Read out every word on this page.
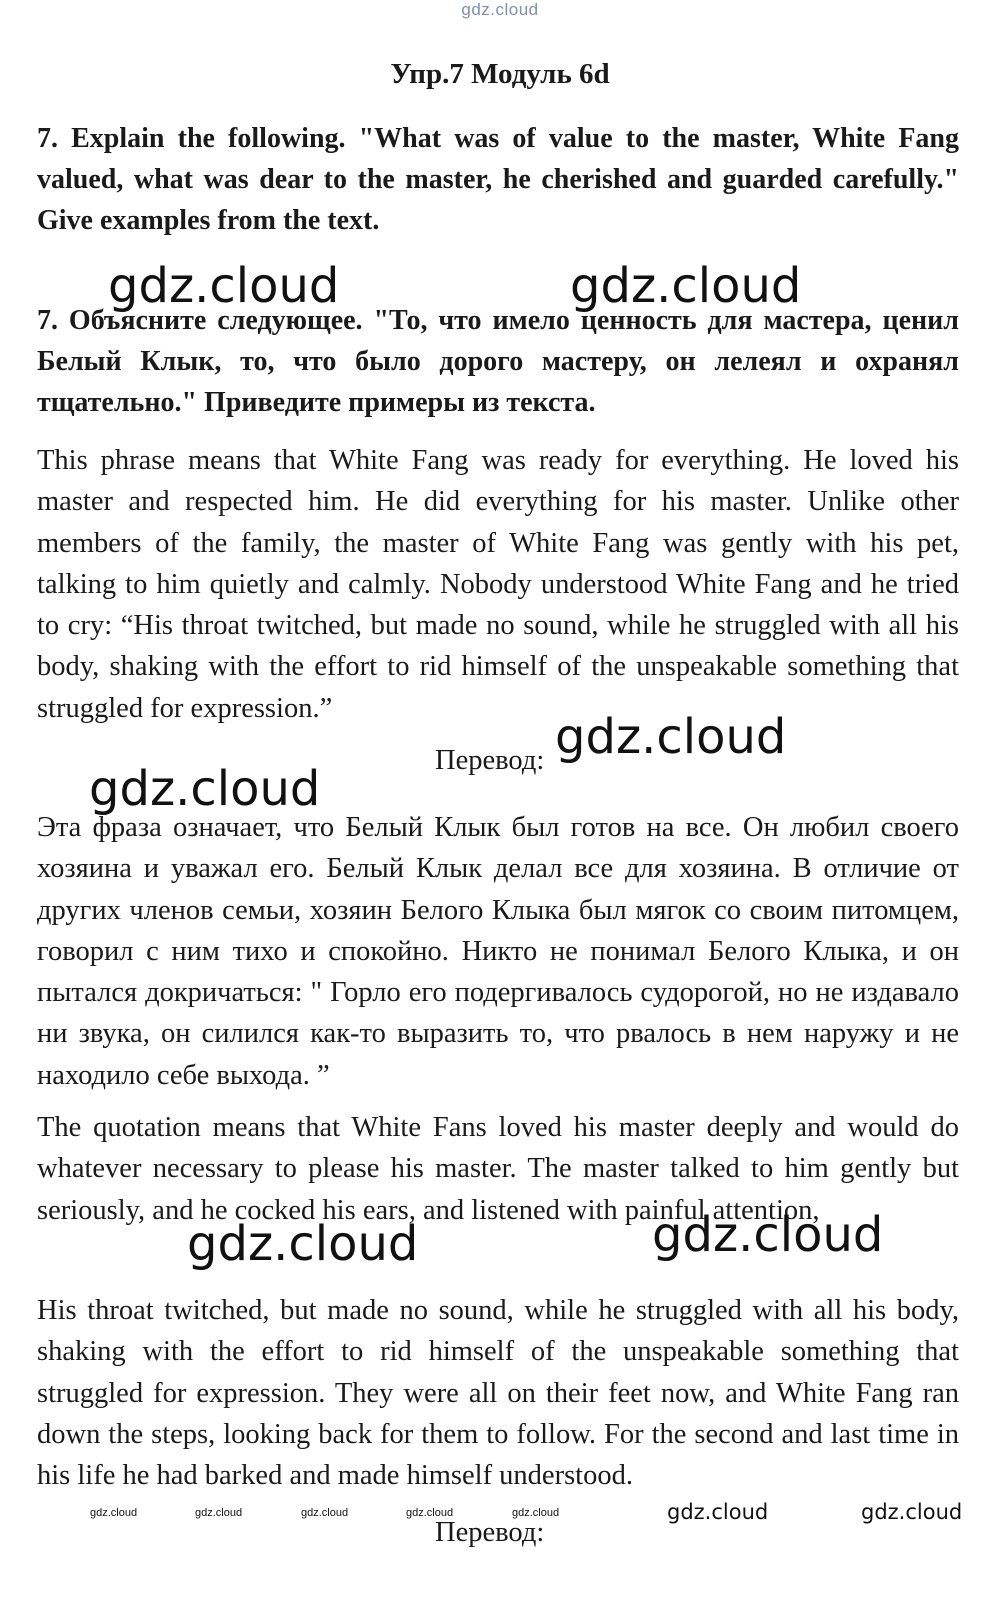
gdz.cloud
Упр.7 Модуль 6d

7. Explain the following. "What was of value to the master, White Fang valued, what was dear to the master, he cherished and guarded carefully." Give examples from the text.

7. Объясните следующее. "То, что имело ценность для мастера, ценил Белый Клык, то, что было дорого мастеру, он лелеял и охранял тщательно." Приведите примеры из текста.

This phrase means that White Fang was ready for everything. He loved his master and respected him. He did everything for his master. Unlike other members of the family, the master of White Fang was gently with his pet, talking to him quietly and calmly. Nobody understood White Fang and he tried to cry: “His throat twitched, but made no sound, while he struggled with all his body, shaking with the effort to rid himself of the unspeakable something that struggled for expression.”

Перевод:

Эта фраза означает, что Белый Клык был готов на все. Он любил своего хозяина и уважал его. Белый Клык делал все для хозяина. В отличие от других членов семьи, хозяин Белого Клыка был мягок со своим питомцем, говорил с ним тихо и спокойно. Никто не понимал Белого Клыка, и он пытался докричаться: " Горло его подергивалось судорогой, но не издавало ни звука, он силился как-то выразить то, что рвалось в нем наружу и не находило себе выхода. ”

The quotation means that White Fans loved his master deeply and would do whatever necessary to please his master. The master talked to him gently but seriously, and he cocked his ears, and listened with painful attention,

His throat twitched, but made no sound, while he struggled with all his body, shaking with the effort to rid himself of the unspeakable something that struggled for expression. They were all on their feet now, and White Fang ran down the steps, looking back for them to follow. For the second and last time in his life he had barked and made himself understood.

Перевод:
gdz.cloud	gdz.cloud
gdz.cloud
gdz.cloud
gdz.cloud	gdz.cloud
gdz.cloud	gdz.cloud	gdz.cloud	gdz.cloud	gdz.cloud	gdz.cloud	gdz.cloud
